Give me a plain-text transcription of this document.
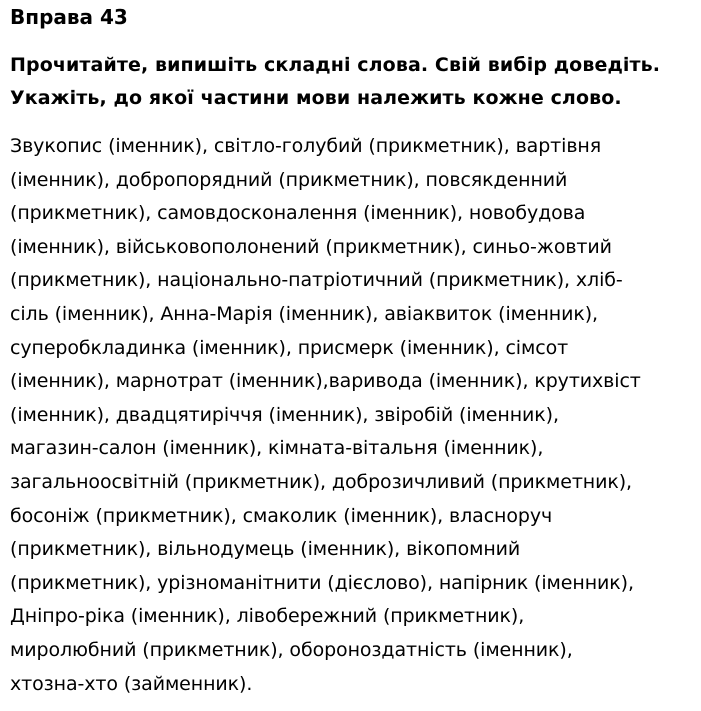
Вправа 43
Прочитайте, випишіть складні слова. Свій вибір доведіть.
Укажіть, до якої частини мови належить кожне слово.
Звукопис (іменник), світло-голубий (прикметник), вартівня
(іменник), добропорядний (прикметник), повсякденний
(прикметник), самовдосконалення (іменник), новобудова
(іменник), військовополонений (прикметник), синьо-жовтий
(прикметник), національно-патріотичний (прикметник), хліб-
сіль (іменник), Анна-Марія (іменник), авіаквиток (іменник),
суперобкладинка (іменник), присмерк (іменник), сімсот
(іменник), марнотрат (іменник),варивода (іменник), крутихвіст
(іменник), двадцятиріччя (іменник), звіробій (іменник),
магазин-салон (іменник), кімната-вітальня (іменник),
загальноосвітній (прикметник), доброзичливий (прикметник),
босоніж (прикметник), смаколик (іменник), власноруч
(прикметник), вільнодумець (іменник), вікопомний
(прикметник), урізноманітнити (дієслово), напірник (іменник),
Дніпро-ріка (іменник), лівобережний (прикметник),
миролюбний (прикметник), обороноздатність (іменник),
хтозна-хто (займенник).
